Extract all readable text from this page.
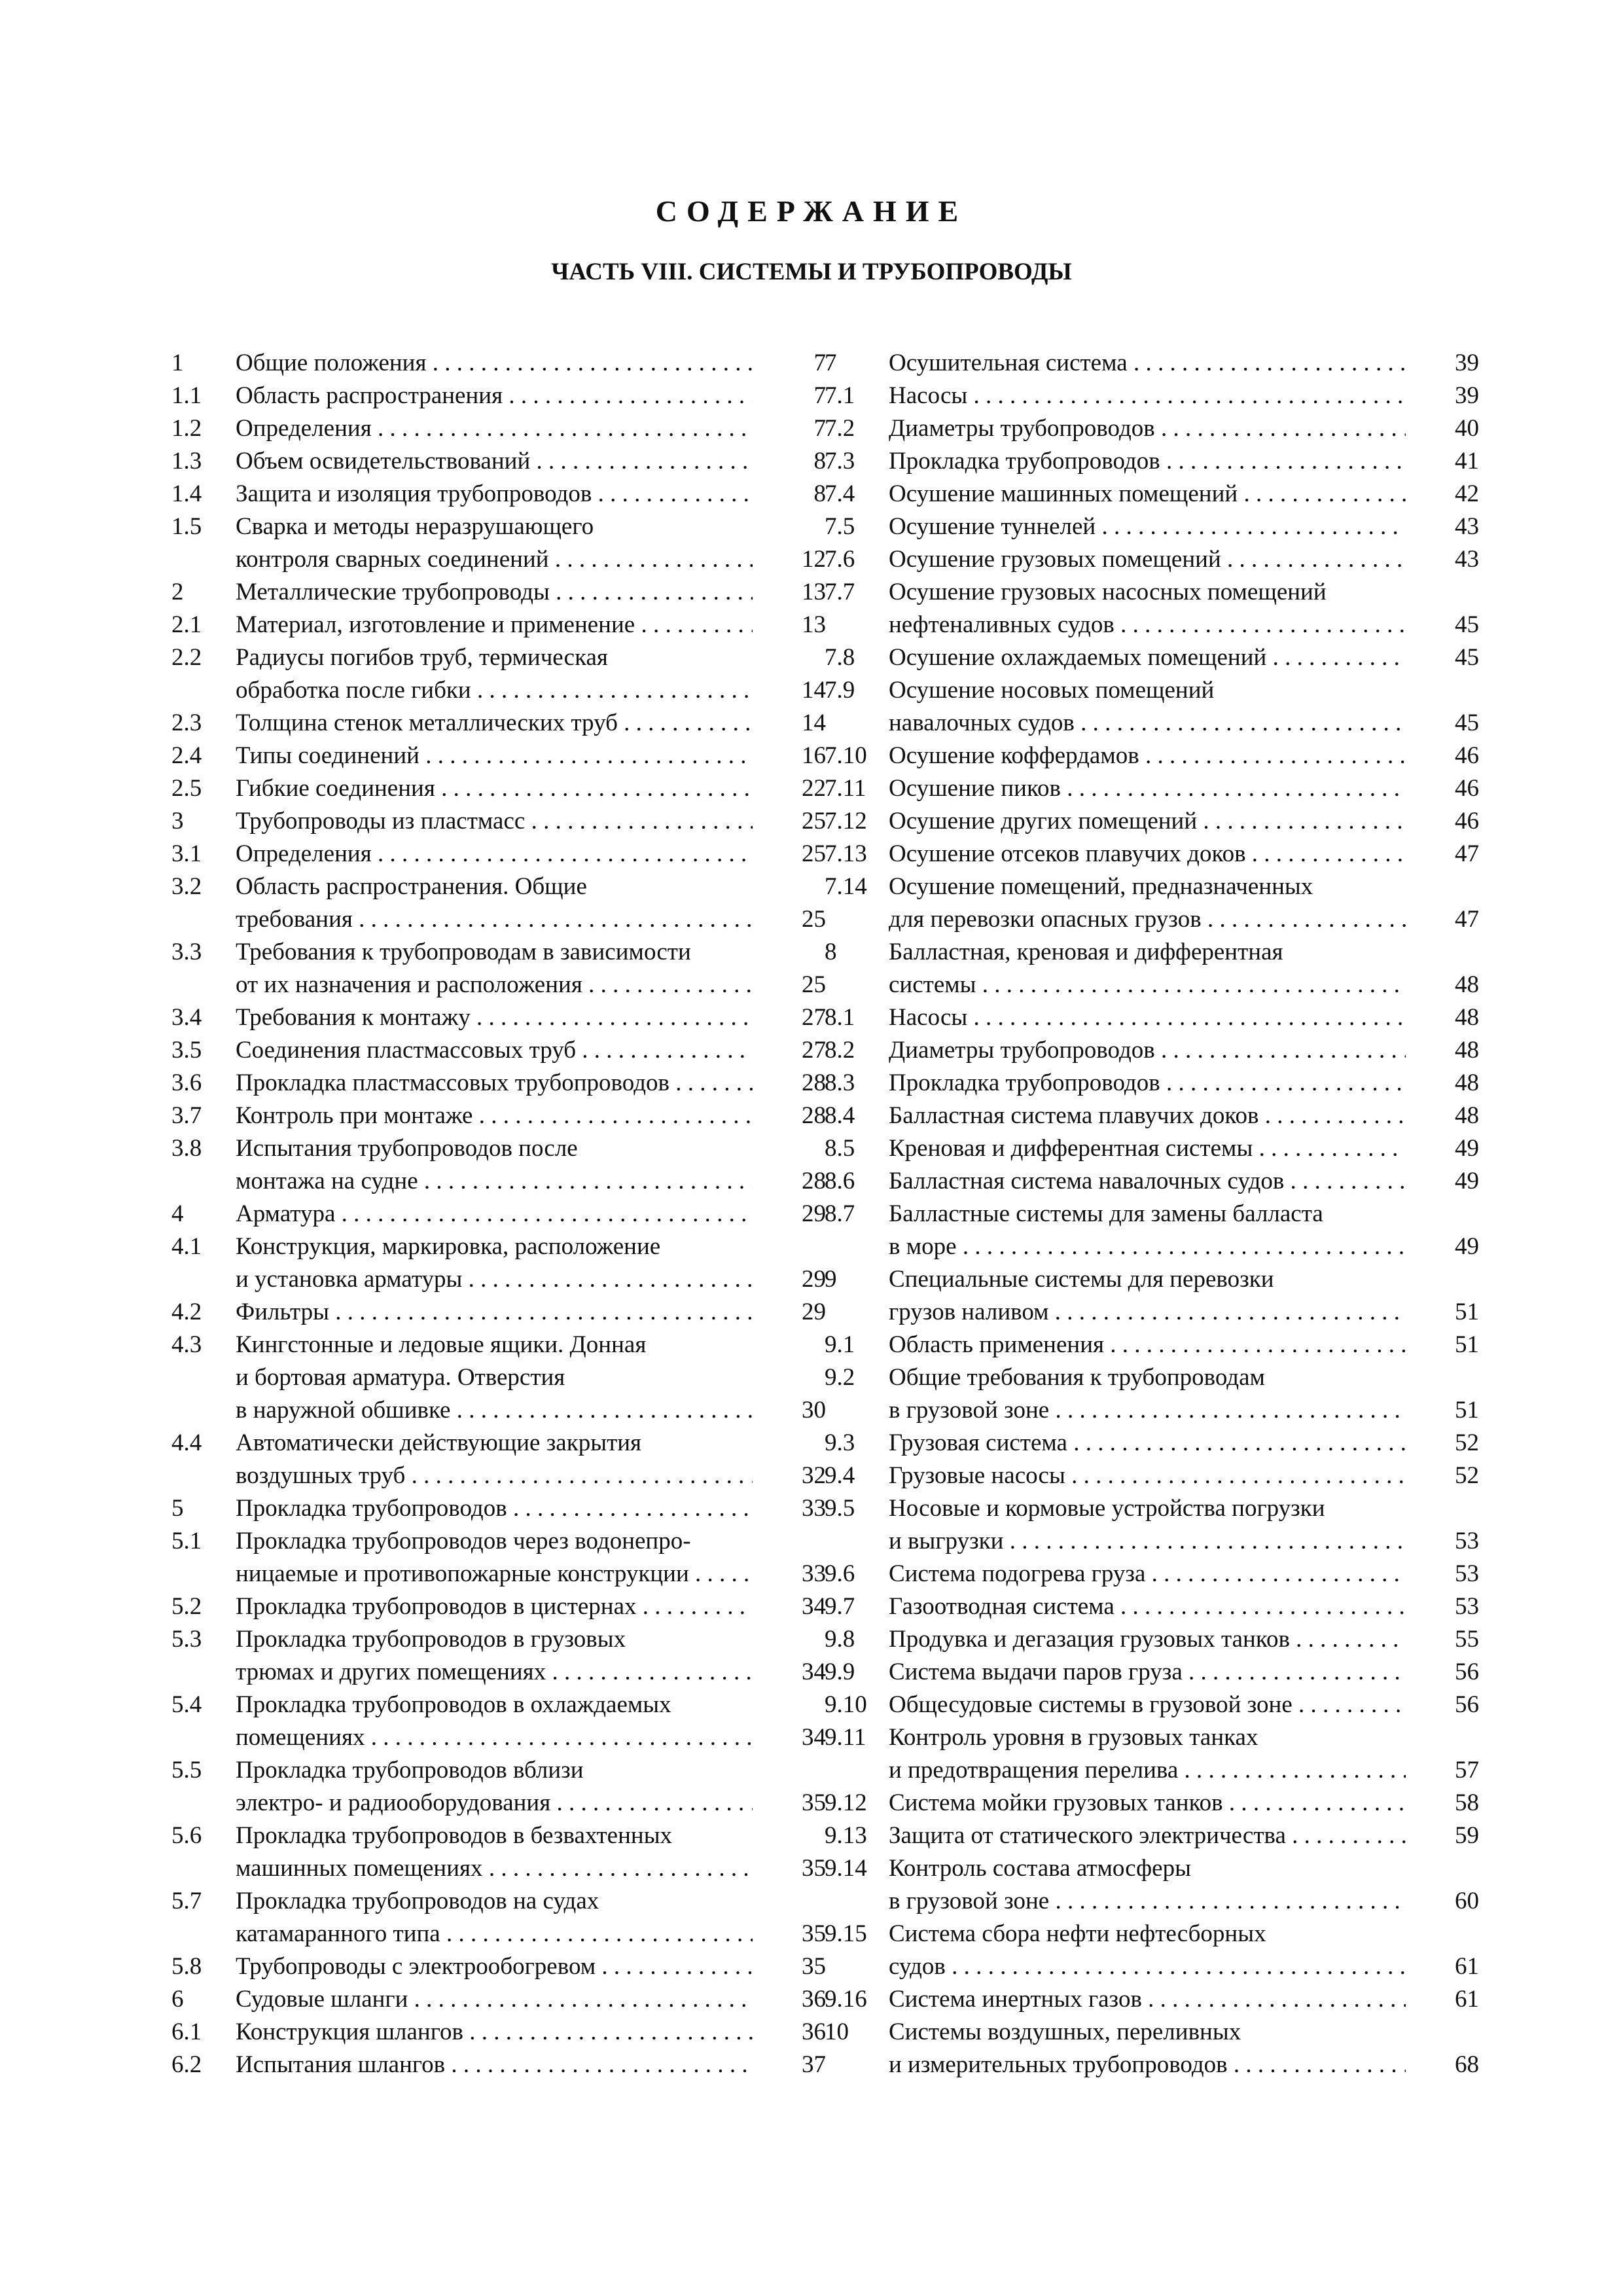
СОДЕРЖАНИЕ
ЧАСТЬ VIII. СИСТЕМЫ И ТРУБОПРОВОДЫ
1 Общие положения . . .	7
1.1 Область распространения . . .	7
1.2 Определения . . .	7
1.3 Объем освидетельствований . . .	8
1.4 Защита и изоляция трубопроводов . . .	8
1.5 Сварка и методы неразрушающего
контроля сварных соединений . . .	12
2 Металлические трубопроводы . . .	13
2.1 Материал, изготовление и применение . . .	13
2.2 Радиусы погибов труб, термическая
обработка после гибки . . .	14
2.3 Толщина стенок металлических труб . . .	14
2.4 Типы соединений . . .	16
2.5 Гибкие соединения . . .	22
3 Трубопроводы из пластмасс . . .	25
3.1 Определения . . .	25
3.2 Область распространения. Общие
требования . . .	25
3.3 Требования к трубопроводам в зависимости
от их назначения и расположения . . .	25
3.4 Требования к монтажу . . .	27
3.5 Соединения пластмассовых труб . . .	27
3.6 Прокладка пластмассовых трубопроводов . . .	28
3.7 Контроль при монтаже . . .	28
3.8 Испытания трубопроводов после
монтажа на судне . . .	28
4 Арматура . . .	29
4.1 Конструкция, маркировка, расположение
и установка арматуры . . .	29
4.2 Фильтры . . .	29
4.3 Кингстонные и ледовые ящики. Донная
и бортовая арматура. Отверстия
в наружной обшивке . . .	30
4.4 Автоматически действующие закрытия
воздушных труб . . .	32
5 Прокладка трубопроводов . . .	33
5.1 Прокладка трубопроводов через водонепро-
ницаемые и противопожарные конструкции . . .	33
5.2 Прокладка трубопроводов в цистернах . . .	34
5.3 Прокладка трубопроводов в грузовых
трюмах и других помещениях . . .	34
5.4 Прокладка трубопроводов в охлаждаемых
помещениях . . .	34
5.5 Прокладка трубопроводов вблизи
электро- и радиооборудования . . .	35
5.6 Прокладка трубопроводов в безвахтенных
машинных помещениях . . .	35
5.7 Прокладка трубопроводов на судах
катамаранного типа . . .	35
5.8 Трубопроводы с электрообогревом . . .	35
6 Судовые шланги . . .	36
6.1 Конструкция шлангов . . .	36
6.2 Испытания шлангов . . .	37
7 Осушительная система . . .	39
7.1 Насосы . . .	39
7.2 Диаметры трубопроводов . . .	40
7.3 Прокладка трубопроводов . . .	41
7.4 Осушение машинных помещений . . .	42
7.5 Осушение туннелей . . .	43
7.6 Осушение грузовых помещений . . .	43
7.7 Осушение грузовых насосных помещений
нефтеналивных судов . . .	45
7.8 Осушение охлаждаемых помещений . . .	45
7.9 Осушение носовых помещений
навалочных судов . . .	45
7.10 Осушение коффердамов . . .	46
7.11 Осушение пиков . . .	46
7.12 Осушение других помещений . . .	46
7.13 Осушение отсеков плавучих доков . . .	47
7.14 Осушение помещений, предназначенных
для перевозки опасных грузов . . .	47
8 Балластная, креновая и дифферентная
системы . . .	48
8.1 Насосы . . .	48
8.2 Диаметры трубопроводов . . .	48
8.3 Прокладка трубопроводов . . .	48
8.4 Балластная система плавучих доков . . .	48
8.5 Креновая и дифферентная системы . . .	49
8.6 Балластная система навалочных судов . . .	49
8.7 Балластные системы для замены балласта
в море . . .	49
9 Специальные системы для перевозки
грузов наливом . . .	51
9.1 Область применения . . .	51
9.2 Общие требования к трубопроводам
в грузовой зоне . . .	51
9.3 Грузовая система . . .	52
9.4 Грузовые насосы . . .	52
9.5 Носовые и кормовые устройства погрузки
и выгрузки . . .	53
9.6 Система подогрева груза . . .	53
9.7 Газоотводная система . . .	53
9.8 Продувка и дегазация грузовых танков . . .	55
9.9 Система выдачи паров груза . . .	56
9.10 Общесудовые системы в грузовой зоне . . .	56
9.11 Контроль уровня в грузовых танках
и предотвращения перелива . . .	57
9.12 Система мойки грузовых танков . . .	58
9.13 Защита от статического электричества . . .	59
9.14 Контроль состава атмосферы
в грузовой зоне . . .	60
9.15 Система сбора нефти нефтесборных
судов . . .	61
9.16 Система инертных газов . . .	61
10 Системы воздушных, переливных
и измерительных трубопроводов . . .	68
